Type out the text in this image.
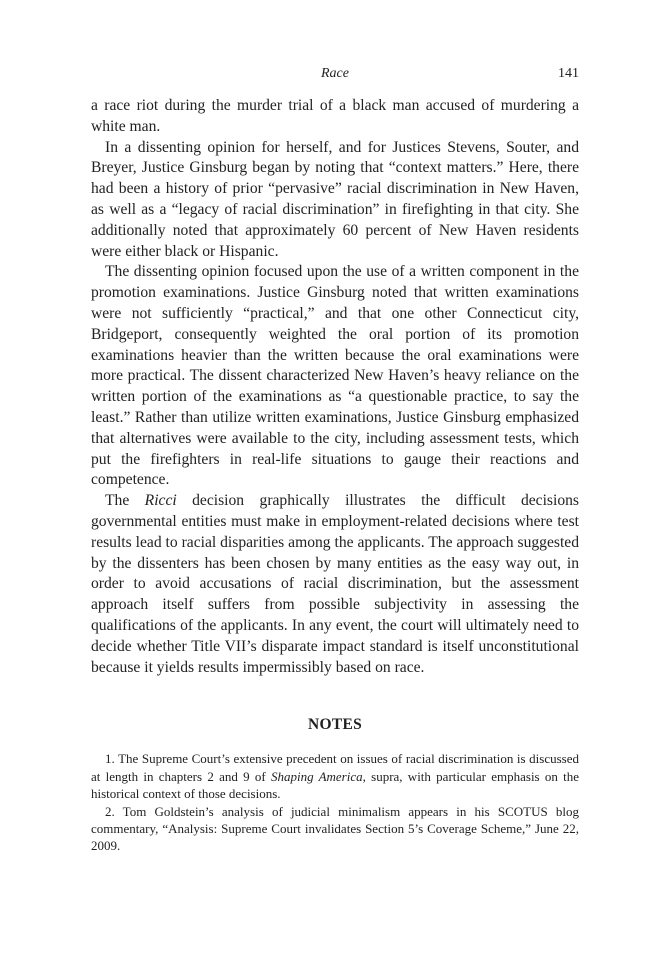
Race	141

a race riot during the murder trial of a black man accused of murdering a white man.

In a dissenting opinion for herself, and for Justices Stevens, Souter, and Breyer, Justice Ginsburg began by noting that “context matters.” Here, there had been a history of prior “pervasive” racial discrimination in New Haven, as well as a “legacy of racial discrimination” in firefighting in that city. She additionally noted that approximately 60 percent of New Haven residents were either black or Hispanic.

The dissenting opinion focused upon the use of a written component in the promotion examinations. Justice Ginsburg noted that written examinations were not sufficiently “practical,” and that one other Connecticut city, Bridgeport, consequently weighted the oral portion of its promotion examinations heavier than the written because the oral examinations were more practical. The dissent characterized New Haven’s heavy reliance on the written portion of the examinations as “a questionable practice, to say the least.” Rather than utilize written examinations, Justice Ginsburg emphasized that alternatives were available to the city, including assessment tests, which put the firefighters in real-life situations to gauge their reactions and competence.

The Ricci decision graphically illustrates the difficult decisions governmental entities must make in employment-related decisions where test results lead to racial disparities among the applicants. The approach suggested by the dissenters has been chosen by many entities as the easy way out, in order to avoid accusations of racial discrimination, but the assessment approach itself suffers from possible subjectivity in assessing the qualifications of the applicants. In any event, the court will ultimately need to decide whether Title VII’s disparate impact standard is itself unconstitutional because it yields results impermissibly based on race.

NOTES

1. The Supreme Court’s extensive precedent on issues of racial discrimination is discussed at length in chapters 2 and 9 of Shaping America, supra, with particular emphasis on the historical context of those decisions.

2. Tom Goldstein’s analysis of judicial minimalism appears in his SCOTUS blog commentary, “Analysis: Supreme Court invalidates Section 5’s Coverage Scheme,” June 22, 2009.
